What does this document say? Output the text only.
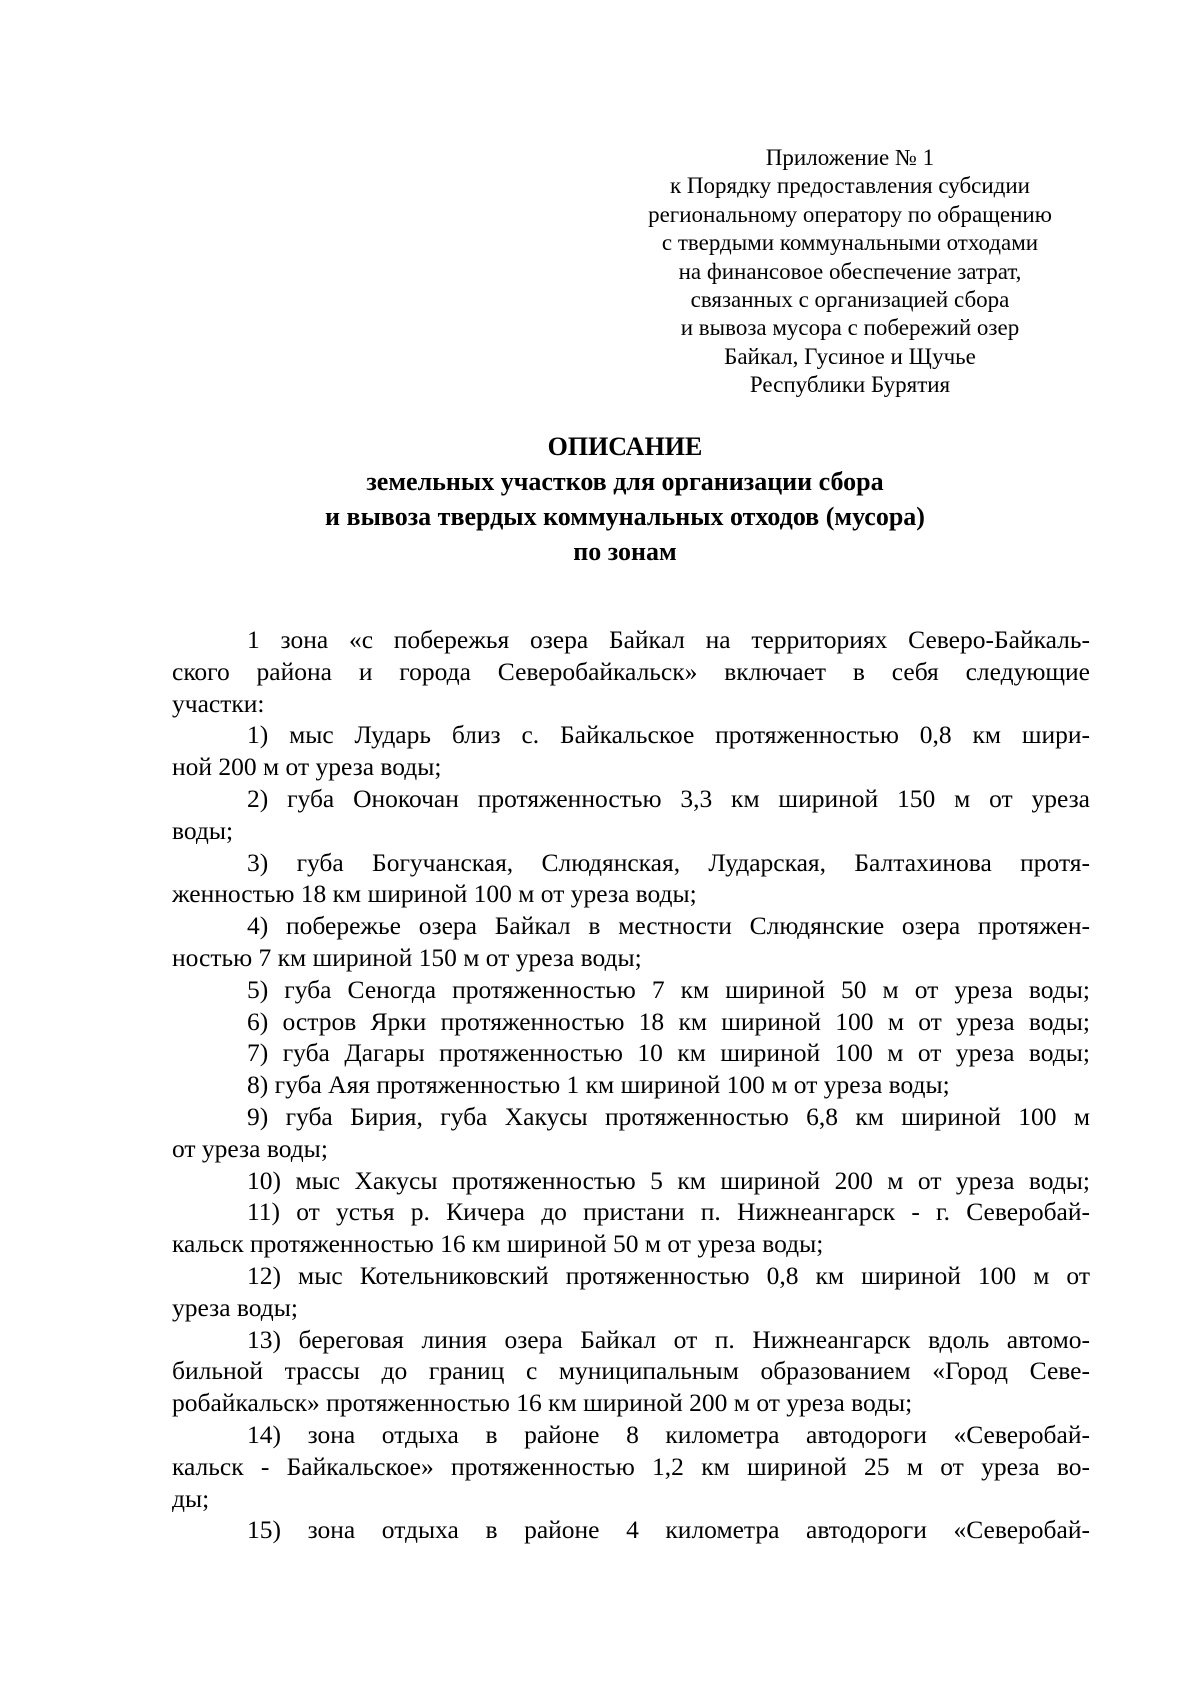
Приложение № 1
к Порядку предоставления субсидии
региональному оператору по обращению
с твердыми коммунальными отходами
на финансовое обеспечение затрат,
связанных с организацией сбора
и вывоза мусора с побережий озер
Байкал, Гусиное и Щучье
Республики Бурятия
ОПИСАНИЕ
земельных участков для организации сбора
и вывоза твердых коммунальных отходов (мусора)
по зонам
1 зона «с побережья озера Байкал на территориях Северо-Байкаль-
ского района и города Северобайкальск» включает в себя следующие
участки:
1) мыс Лударь близ с. Байкальское протяженностью 0,8 км шири-
ной 200 м от уреза воды;
2) губа Онокочан протяженностью 3,3 км шириной 150 м от уреза
воды;
3) губа Богучанская, Слюдянская, Лударская, Балтахинова протя-
женностью 18 км шириной 100 м от уреза воды;
4) побережье озера Байкал в местности Слюдянские озера протяжен-
ностью 7 км шириной 150 м от уреза воды;
5) губа Сеногда протяженностью 7 км шириной 50 м от уреза воды;
6) остров Ярки протяженностью 18 км шириной 100 м от уреза воды;
7) губа Дагары протяженностью 10 км шириной 100 м от уреза воды;
8) губа Аяя протяженностью 1 км шириной 100 м от уреза воды;
9) губа Бирия, губа Хакусы протяженностью 6,8 км шириной 100 м
от уреза воды;
10) мыс Хакусы протяженностью 5 км шириной 200 м от уреза воды;
11) от устья р. Кичера до пристани п. Нижнеангарск - г. Северобай-
кальск протяженностью 16 км шириной 50 м от уреза воды;
12) мыс Котельниковский протяженностью 0,8 км шириной 100 м от
уреза воды;
13) береговая линия озера Байкал от п. Нижнеангарск вдоль автомо-
бильной трассы до границ с муниципальным образованием «Город Севе-
робайкальск» протяженностью 16 км шириной 200 м от уреза воды;
14) зона отдыха в районе 8 километра автодороги «Северобай-
кальск - Байкальское» протяженностью 1,2 км шириной 25 м от уреза во-
ды;
15) зона отдыха в районе 4 километра автодороги «Северобай-
